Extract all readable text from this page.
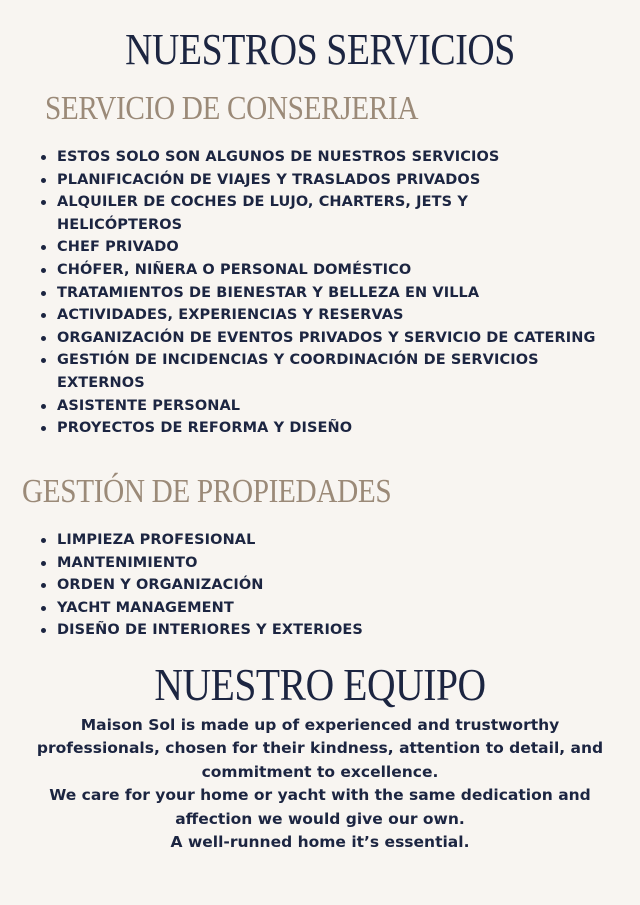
NUESTROS SERVICIOS
SERVICIO DE CONSERJERIA
ESTOS SOLO SON ALGUNOS DE NUESTROS SERVICIOS
PLANIFICACIÓN DE VIAJES Y TRASLADOS PRIVADOS
ALQUILER DE COCHES DE LUJO, CHARTERS, JETS Y HELICÓPTEROS
CHEF PRIVADO
CHÓFER, NIÑERA O PERSONAL DOMÉSTICO
TRATAMIENTOS DE BIENESTAR Y BELLEZA EN VILLA
ACTIVIDADES, EXPERIENCIAS Y RESERVAS
ORGANIZACIÓN DE EVENTOS PRIVADOS Y SERVICIO DE CATERING
GESTIÓN DE INCIDENCIAS Y COORDINACIÓN DE SERVICIOS EXTERNOS
ASISTENTE PERSONAL
PROYECTOS DE REFORMA Y DISEÑO
GESTIÓN DE PROPIEDADES
LIMPIEZA PROFESIONAL
MANTENIMIENTO
ORDEN Y ORGANIZACIÓN
YACHT MANAGEMENT
DISEÑO DE INTERIORES Y EXTERIOES
NUESTRO EQUIPO

Maison Sol is made up of experienced and trustworthy professionals, chosen for their kindness, attention to detail, and commitment to excellence.

We care for your home or yacht with the same dedication and affection we would give our own.

A well-runned home it’s essential.
